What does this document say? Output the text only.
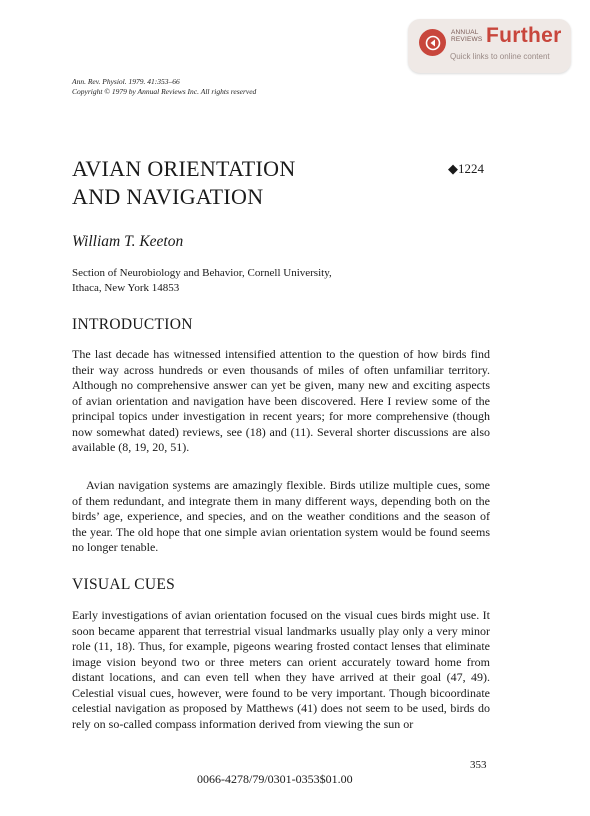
ANNUAL
REVIEWS Further
Quick links to online content
Ann. Rev. Physiol. 1979. 41:353–66
Copyright © 1979 by Annual Reviews Inc. All rights reserved
AVIAN ORIENTATION
AND NAVIGATION
◆1224
William T. Keeton
Section of Neurobiology and Behavior, Cornell University,
Ithaca, New York 14853
INTRODUCTION
The last decade has witnessed intensified attention to the question of how birds find their way across hundreds or even thousands of miles of often unfamiliar territory. Although no comprehensive answer can yet be given, many new and exciting aspects of avian orientation and navigation have been discovered. Here I review some of the principal topics under investigation in recent years; for more comprehensive (though now somewhat dated) reviews, see (18) and (11). Several shorter discussions are also available (8, 19, 20, 51).
Avian navigation systems are amazingly flexible. Birds utilize multiple cues, some of them redundant, and integrate them in many different ways, depending both on the birds’ age, experience, and species, and on the weather conditions and the season of the year. The old hope that one simple avian orientation system would be found seems no longer tenable.
VISUAL CUES
Early investigations of avian orientation focused on the visual cues birds might use. It soon became apparent that terrestrial visual landmarks usually play only a very minor role (11, 18). Thus, for example, pigeons wearing frosted contact lenses that eliminate image vision beyond two or three meters can orient accurately toward home from distant locations, and can even tell when they have arrived at their goal (47, 49). Celestial visual cues, however, were found to be very important. Though bicoordinate celestial navigation as proposed by Matthews (41) does not seem to be used, birds do rely on so-called compass information derived from viewing the sun or
353
0066-4278/79/0301-0353$01.00
